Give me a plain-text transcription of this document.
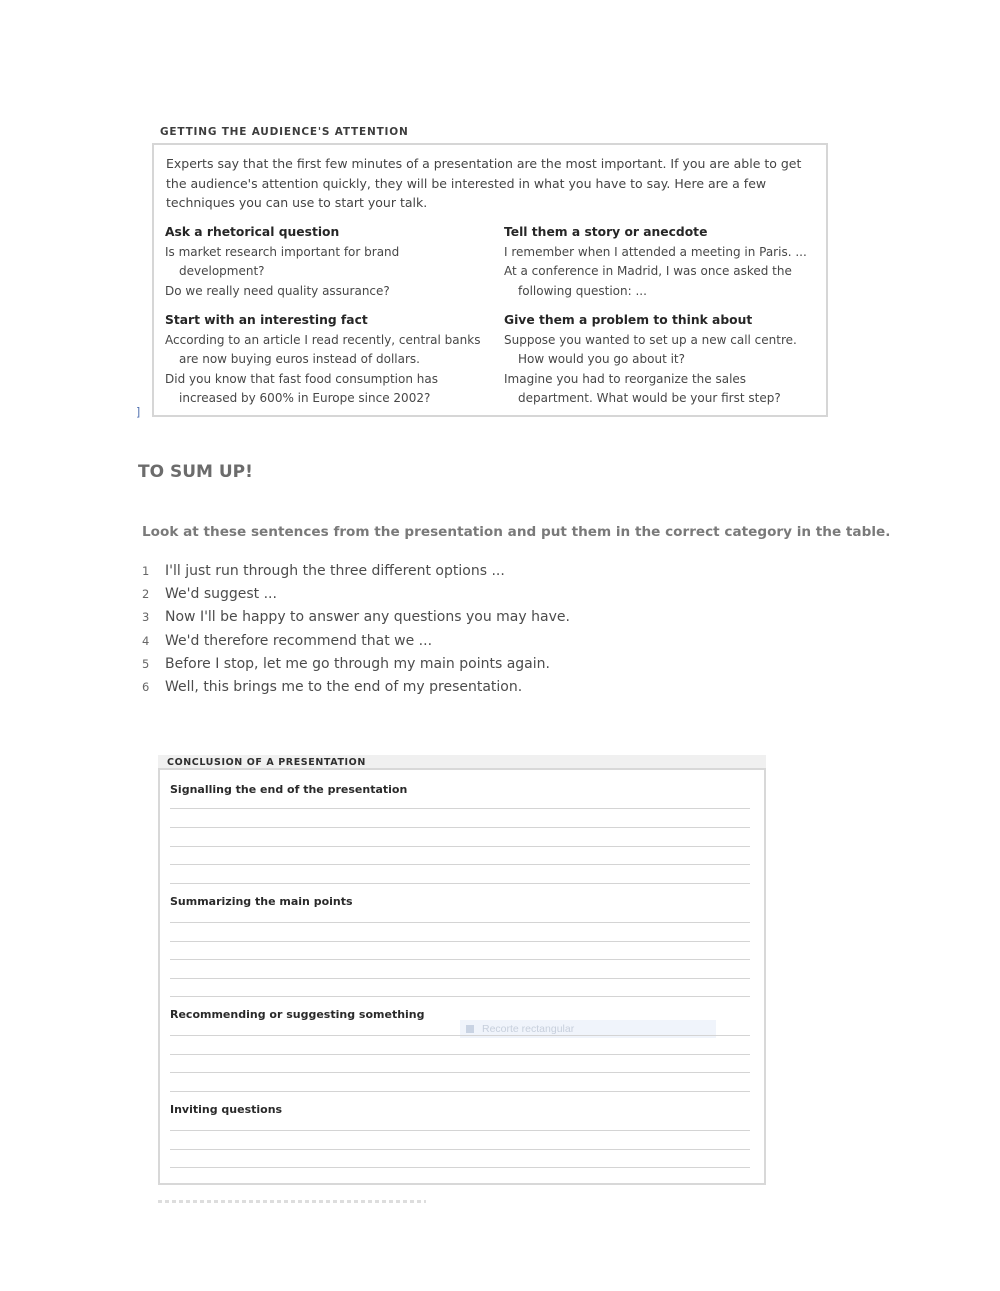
GETTING THE AUDIENCE'S ATTENTION
Experts say that the first few minutes of a presentation are the most important. If you are able to get the audience's attention quickly, they will be interested in what you have to say. Here are a few techniques you can use to start your talk.
Ask a rhetorical question
Is market research important for brand
development?
Do we really need quality assurance?
Tell them a story or anecdote
I remember when I attended a meeting in Paris. ...
At a conference in Madrid, I was once asked the
following question: ...
Start with an interesting fact
According to an article I read recently, central banks
are now buying euros instead of dollars.
Did you know that fast food consumption has
increased by 600% in Europe since 2002?
Give them a problem to think about
Suppose you wanted to set up a new call centre.
How would you go about it?
Imagine you had to reorganize the sales
department. What would be your first step?
]
TO SUM UP!
Look at these sentences from the presentation and put them in the correct category in the table.
1 I'll just run through the three different options ...
2 We'd suggest ...
3 Now I'll be happy to answer any questions you may have.
4 We'd therefore recommend that we ...
5 Before I stop, let me go through my main points again.
6 Well, this brings me to the end of my presentation.
CONCLUSION OF A PRESENTATION
Signalling the end of the presentation
Summarizing the main points
Recommending or suggesting something
Recorte rectangular
Inviting questions
